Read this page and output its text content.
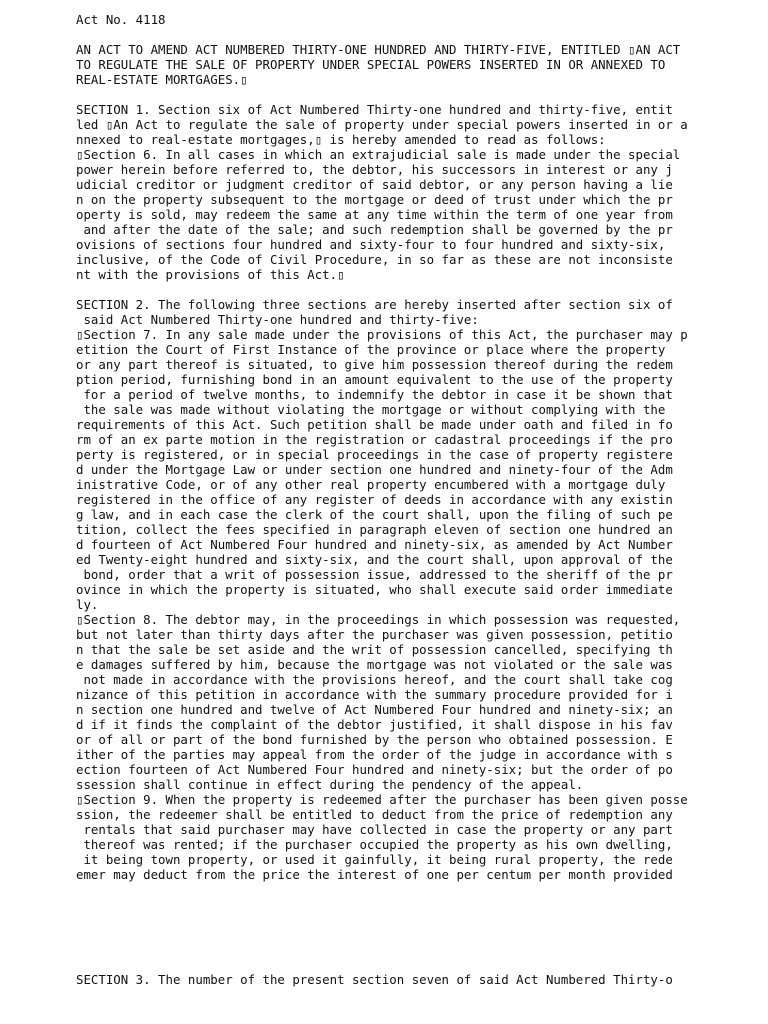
Act No. 4118
AN ACT TO AMEND ACT NUMBERED THIRTY-ONE HUNDRED AND THIRTY-FIVE, ENTITLED ▯AN ACT
TO REGULATE THE SALE OF PROPERTY UNDER SPECIAL POWERS INSERTED IN OR ANNEXED TO
REAL-ESTATE MORTGAGES.▯
SECTION 1. Section six of Act Numbered Thirty-one hundred and thirty-five, entit
led ▯An Act to regulate the sale of property under special powers inserted in or a
nnexed to real-estate mortgages,▯ is hereby amended to read as follows:
▯Section 6. In all cases in which an extrajudicial sale is made under the special
power herein before referred to, the debtor, his successors in interest or any j
udicial creditor or judgment creditor of said debtor, or any person having a lie
n on the property subsequent to the mortgage or deed of trust under which the pr
operty is sold, may redeem the same at any time within the term of one year from
and after the date of the sale; and such redemption shall be governed by the pr
ovisions of sections four hundred and sixty-four to four hundred and sixty-six,
inclusive, of the Code of Civil Procedure, in so far as these are not inconsiste
nt with the provisions of this Act.▯
SECTION 2. The following three sections are hereby inserted after section six of
said Act Numbered Thirty-one hundred and thirty-five:
▯Section 7. In any sale made under the provisions of this Act, the purchaser may p
etition the Court of First Instance of the province or place where the property
or any part thereof is situated, to give him possession thereof during the redem
ption period, furnishing bond in an amount equivalent to the use of the property
for a period of twelve months, to indemnify the debtor in case it be shown that
the sale was made without violating the mortgage or without complying with the
requirements of this Act. Such petition shall be made under oath and filed in fo
rm of an ex parte motion in the registration or cadastral proceedings if the pro
perty is registered, or in special proceedings in the case of property registere
d under the Mortgage Law or under section one hundred and ninety-four of the Adm
inistrative Code, or of any other real property encumbered with a mortgage duly
registered in the office of any register of deeds in accordance with any existin
g law, and in each case the clerk of the court shall, upon the filing of such pe
tition, collect the fees specified in paragraph eleven of section one hundred an
d fourteen of Act Numbered Four hundred and ninety-six, as amended by Act Number
ed Twenty-eight hundred and sixty-six, and the court shall, upon approval of the
bond, order that a writ of possession issue, addressed to the sheriff of the pr
ovince in which the property is situated, who shall execute said order immediate
ly.
▯Section 8. The debtor may, in the proceedings in which possession was requested,
but not later than thirty days after the purchaser was given possession, petitio
n that the sale be set aside and the writ of possession cancelled, specifying th
e damages suffered by him, because the mortgage was not violated or the sale was
not made in accordance with the provisions hereof, and the court shall take cog
nizance of this petition in accordance with the summary procedure provided for i
n section one hundred and twelve of Act Numbered Four hundred and ninety-six; an
d if it finds the complaint of the debtor justified, it shall dispose in his fav
or of all or part of the bond furnished by the person who obtained possession. E
ither of the parties may appeal from the order of the judge in accordance with s
ection fourteen of Act Numbered Four hundred and ninety-six; but the order of po
ssession shall continue in effect during the pendency of the appeal.
▯Section 9. When the property is redeemed after the purchaser has been given posse
ssion, the redeemer shall be entitled to deduct from the price of redemption any
rentals that said purchaser may have collected in case the property or any part
thereof was rented; if the purchaser occupied the property as his own dwelling,
it being town property, or used it gainfully, it being rural property, the rede
emer may deduct from the price the interest of one per centum per month provided
SECTION 3. The number of the present section seven of said Act Numbered Thirty-o
